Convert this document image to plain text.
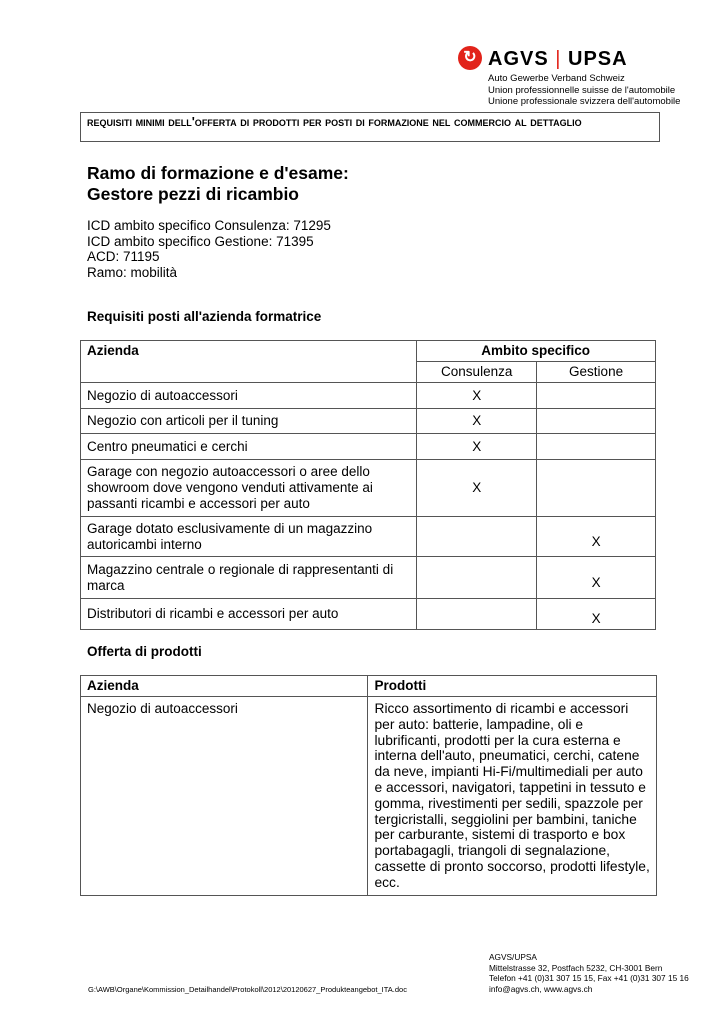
↻ AGVS | UPSA
Auto Gewerbe Verband Schweiz
Union professionnelle suisse de l'automobile
Unione professionale svizzera dell'automobile
requisiti minimi dell'offerta di prodotti per posti di formazione nel commercio al dettaglio
Ramo di formazione e d'esame:
Gestore pezzi di ricambio
ICD ambito specifico Consulenza: 71295
ICD ambito specifico Gestione: 71395
ACD: 71195
Ramo: mobilità
Requisiti posti all'azienda formatrice
Azienda	Ambito specifico	
	Consulenza	Gestione
Negozio di autoaccessori	X	
Negozio con articoli per il tuning	X	
Centro pneumatici e cerchi	X	
Garage con negozio autoaccessori o aree dello showroom dove vengono venduti attivamente ai passanti ricambi e accessori per auto	X	
Garage dotato esclusivamente di un magazzino autoricambi interno		X
Magazzino centrale o regionale di rappresentanti di marca		X
Distributori di ricambi e accessori per auto		X
Offerta di prodotti
Azienda	Prodotti
Negozio di autoaccessori	Ricco assortimento di ricambi e accessori per auto: batterie, lampadine, oli e lubrificanti, prodotti per la cura esterna e interna dell'auto, pneumatici, cerchi, catene da neve, impianti Hi-Fi/multimediali per auto e accessori, navigatori, tappetini in tessuto e gomma, rivestimenti per sedili, spazzole per tergicristalli, seggiolini per bambini, taniche per carburante, sistemi di trasporto e box portabagagli, triangoli di segnalazione, cassette di pronto soccorso, prodotti lifestyle, ecc.
G:\AWB\Organe\Kommission_Detailhandel\Protokoll\2012\20120627_Produkteangebot_ITA.doc
AGVS/UPSA
Mittelstrasse 32, Postfach 5232, CH-3001 Bern
Telefon +41 (0)31 307 15 15, Fax +41 (0)31 307 15 16
info@agvs.ch, www.agvs.ch
